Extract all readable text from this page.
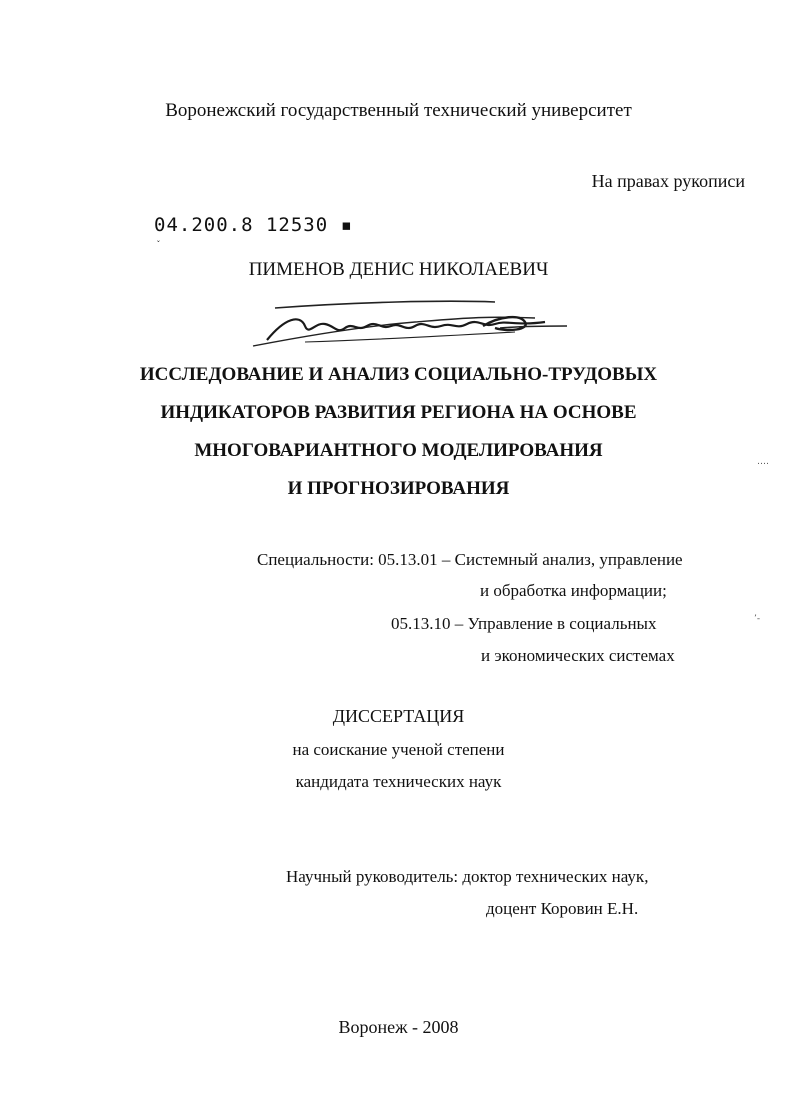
Воронежский государственный технический университет

На правах рукописи

04.200.8 12530 ▪
ˇ

ПИМЕНОВ ДЕНИС НИКОЛАЕВИЧ

ИССЛЕДОВАНИЕ И АНАЛИЗ СОЦИАЛЬНО-ТРУДОВЫХ
ИНДИКАТОРОВ РАЗВИТИЯ РЕГИОНА НА ОСНОВЕ
МНОГОВАРИАНТНОГО МОДЕЛИРОВАНИЯ
И ПРОГНОЗИРОВАНИЯ

Специальности: 05.13.01 – Системный анализ, управление

и обработка информации;

05.13.10 – Управление в социальных

и экономических системах

ДИССЕРТАЦИЯ

на соискание ученой степени

кандидата технических наук

Научный руководитель: доктор технических наук,

доцент Коровин Е.Н.

Воронеж - 2008

‥‥
ʼ-
